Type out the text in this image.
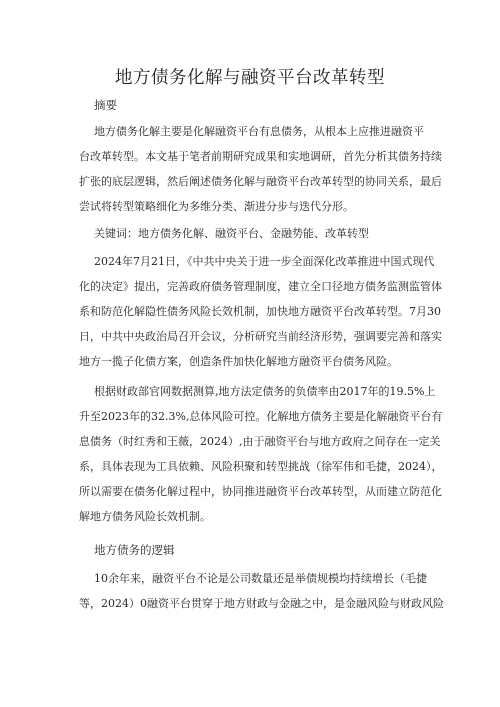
地方债务化解与融资平台改革转型
摘要
地方债务化解主要是化解融资平台有息债务，从根本上应推进融资平
台改革转型。本文基于笔者前期研究成果和实地调研，首先分析其债务持续
扩张的底层逻辑，然后阐述债务化解与融资平台改革转型的协同关系，最后
尝试将转型策略细化为多维分类、渐进分步与迭代分形。
关键词：地方债务化解、融资平台、金融势能、改革转型
2024年7月21日，《中共中央关于进一步全面深化改革推进中国式现代
化的决定》提出，完善政府债务管理制度，建立全口径地方债务监测监管体
系和防范化解隐性债务风险长效机制，加快地方融资平台改革转型。7月30
日，中共中央政治局召开会议，分析研究当前经济形势，强调要完善和落实
地方一揽子化债方案，创造条件加快化解地方融资平台债务风险。
根据财政部官网数据测算,地方法定债务的负债率由2017年的19.5%上
升至2023年的32.3%,总体风险可控。化解地方债务主要是化解融资平台有
息债务（时红秀和王薇，2024）,由于融资平台与地方政府之间存在一定关
系，具体表现为工具依赖、风险积聚和转型挑战（徐军伟和毛捷，2024），
所以需要在债务化解过程中，协同推进融资平台改革转型，从而建立防范化
解地方债务风险长效机制。
地方债务的逻辑
10余年来，融资平台不论是公司数量还是举债规模均持续增长（毛捷
等，2024）0融资平台贯穿于地方财政与金融之中，是金融风险与财政风险
